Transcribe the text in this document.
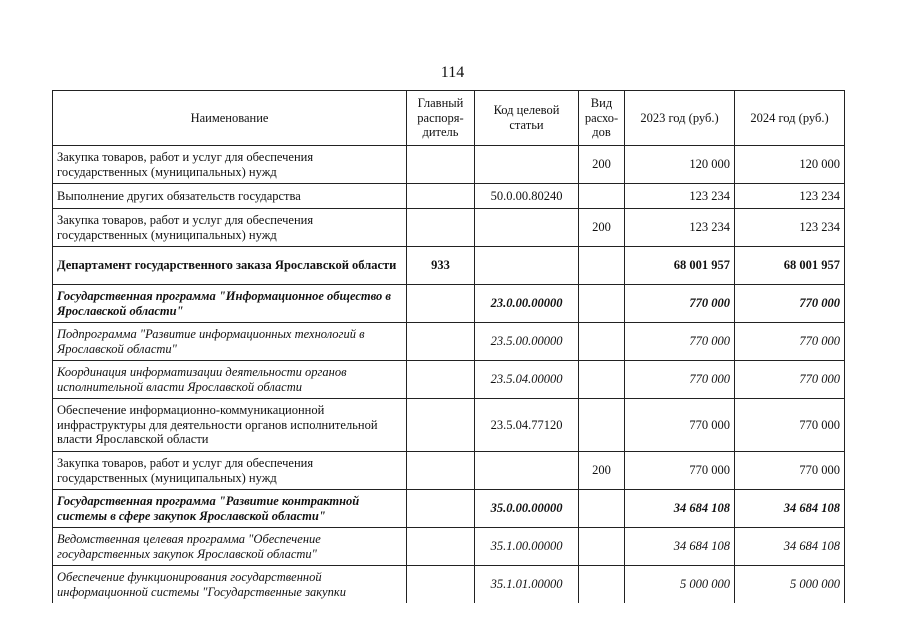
114
Наименование	Главный распоря-дитель	Код целевой статьи	Вид расхо-дов	2023 год (руб.)	2024 год (руб.)
Закупка товаров, работ и услуг для обеспечения государственных (муниципальных) нужд			200	120 000	120 000
Выполнение других обязательств государства		50.0.00.80240		123 234	123 234
Закупка товаров, работ и услуг для обеспечения государственных (муниципальных) нужд			200	123 234	123 234
Департамент государственного заказа Ярославской области	933			68 001 957	68 001 957
Государственная программа "Информационное общество в Ярославской области"		23.0.00.00000		770 000	770 000
Подпрограмма "Развитие информационных технологий в Ярославской области"		23.5.00.00000		770 000	770 000
Координация информатизации деятельности органов исполнительной власти Ярославской области		23.5.04.00000		770 000	770 000
Обеспечение информационно-коммуникационной инфраструктуры для деятельности органов исполнительной власти Ярославской области		23.5.04.77120		770 000	770 000
Закупка товаров, работ и услуг для обеспечения государственных (муниципальных) нужд			200	770 000	770 000
Государственная программа "Развитие контрактной системы в сфере закупок Ярославской области"		35.0.00.00000		34 684 108	34 684 108
Ведомственная целевая программа "Обеспечение государственных закупок Ярославской области"		35.1.00.00000		34 684 108	34 684 108
Обеспечение функционирования государственной информационной системы "Государственные закупки		35.1.01.00000		5 000 000	5 000 000
